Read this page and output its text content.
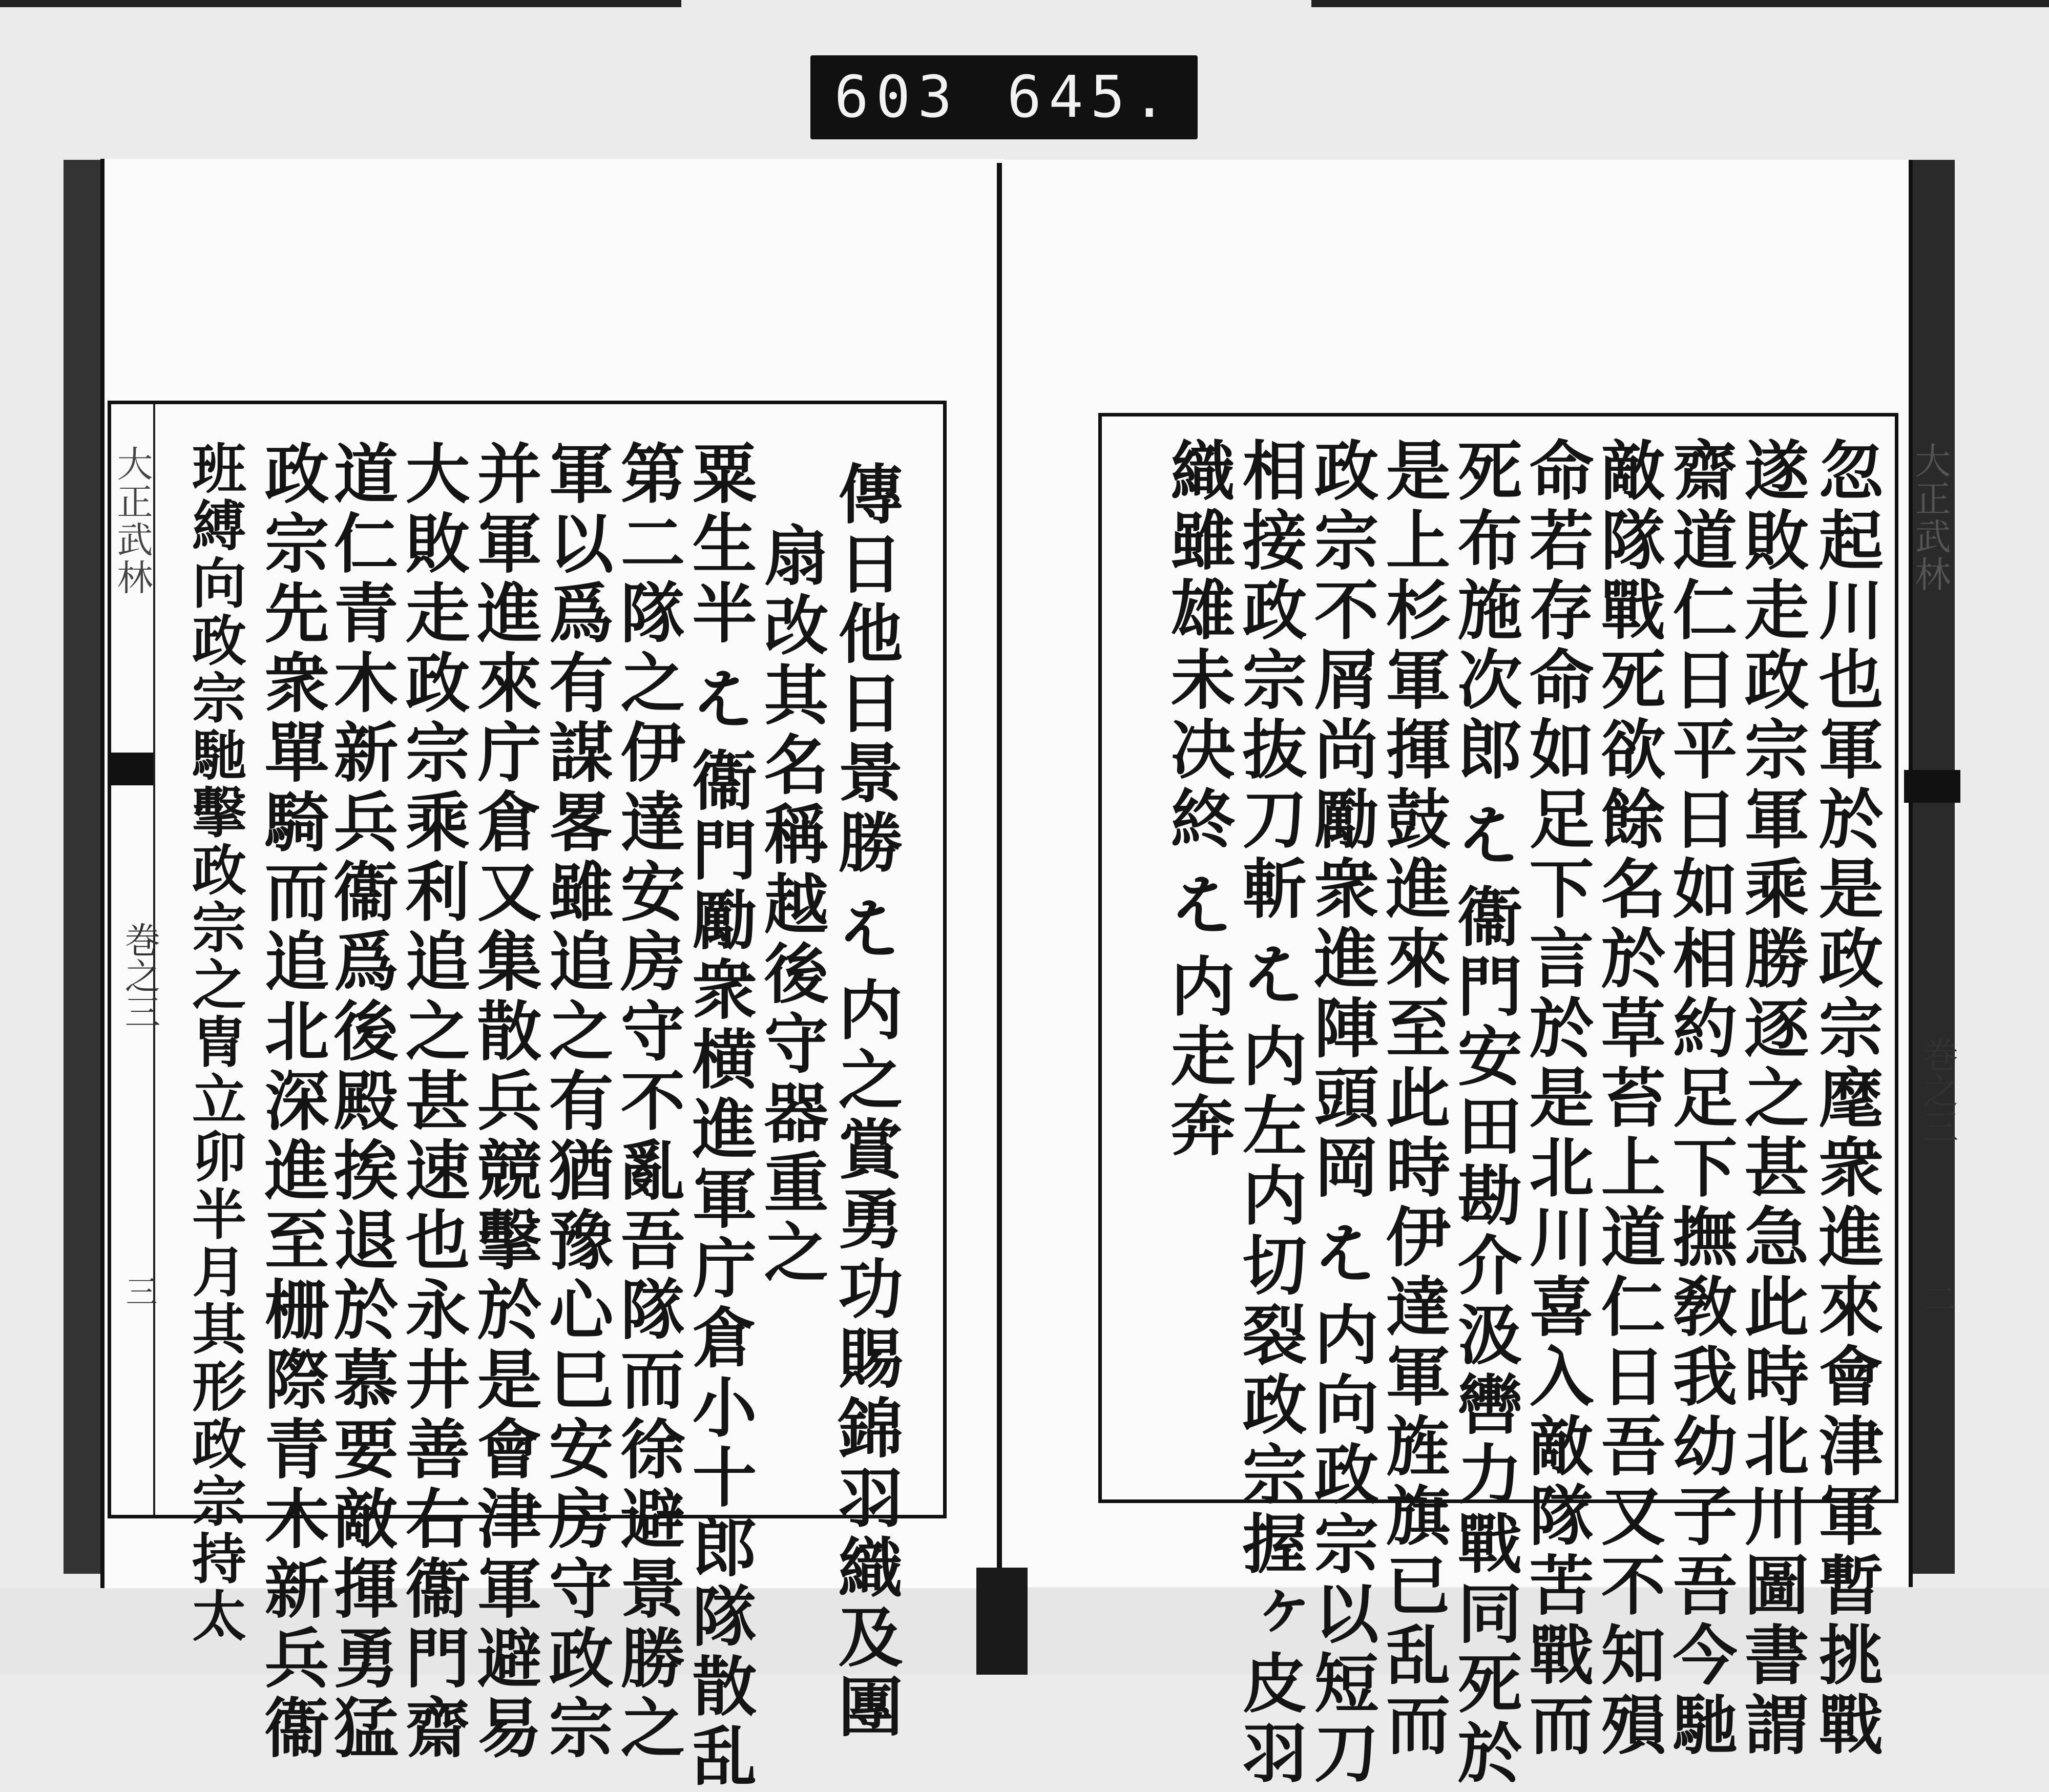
603 645.
大正武林
巻之三
三	傳日他日景勝𛂦内之賞勇功賜錦羽織及團
扇改其名稱越後守器重之
粟生半𛂦衞門勵衆横進軍庁倉小十郎隊散乱
第二隊之伊達安房守不亂吾隊而徐避景勝之
軍以爲有謀畧雖追之有猶豫心巳安房守政宗
并軍進來庁倉又集散兵競擊於是會津軍避易
大敗走政宗乘利追之甚速也永井善右衞門齋
道仁青木新兵衞爲後殿挨退於慕要敵揮勇猛
政宗先衆單騎而追北深進至栅際青木新兵衞
班縛向政宗馳擊政宗之冑立卯半月其形政宗持太	大正武林
巻之三
二
忽起川也軍於是政宗麾衆進來會津軍暫挑戰
遂敗走政宗軍乘勝逐之甚急此時北川圖書謂
齋道仁日平日如相約足下撫敎我幼子吾今馳
敵隊戰死欲餘名於草苔上道仁日吾又不知殞
命若存命如足下言於是北川喜入敵隊苦戰而
死布施次郎𛂦衞門安田勘介汲轡力戰同死於
是上杉軍揮鼓進來至此時伊達軍旌旗已乱而
政宗不屑尚勵衆進陣頭岡𛂦内向政宗以短刀
相接政宗抜刀斬𛂦内左内切裂政宗握ヶ皮羽
織雖雄未决終𛂦内走奔
